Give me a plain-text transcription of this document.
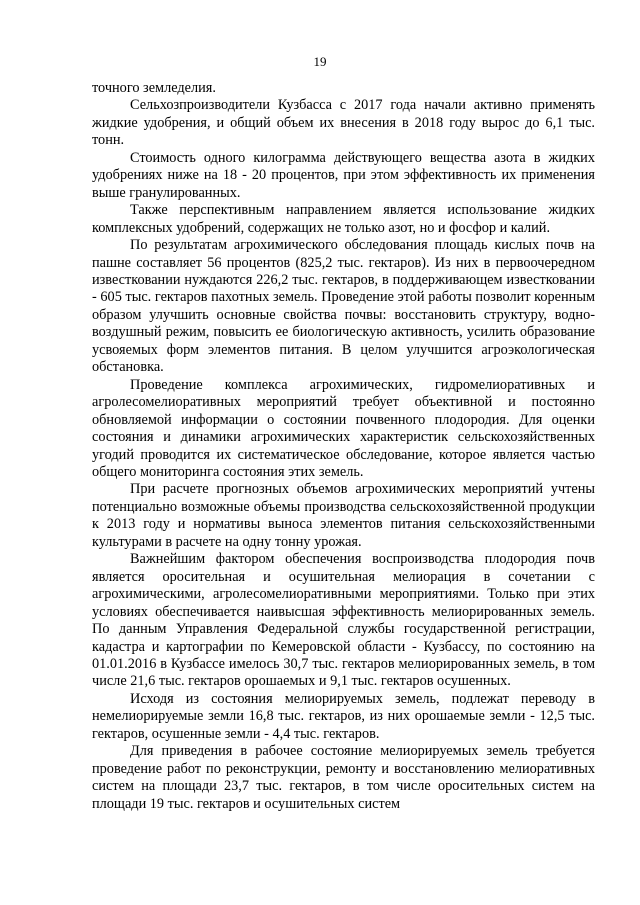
19

точного земледелия.

Сельхозпроизводители Кузбасса с 2017 года начали активно применять жидкие удобрения, и общий объем их внесения в 2018 году вырос до 6,1 тыс. тонн.

Стоимость одного килограмма действующего вещества азота в жидких удобрениях ниже на 18 - 20 процентов, при этом эффективность их применения выше гранулированных.

Также перспективным направлением является использование жидких комплексных удобрений, содержащих не только азот, но и фосфор и калий.

По результатам агрохимического обследования площадь кислых почв на пашне составляет 56 процентов (825,2 тыс. гектаров). Из них в первоочередном известковании нуждаются 226,2 тыс. гектаров, в поддерживающем известковании - 605 тыс. гектаров пахотных земель. Проведение этой работы позволит коренным образом улучшить основные свойства почвы: восстановить структуру, водно-воздушный режим, повысить ее биологическую активность, усилить образование усвояемых форм элементов питания. В целом улучшится агроэкологическая обстановка.

Проведение комплекса агрохимических, гидромелиоративных и агролесомелиоративных мероприятий требует объективной и постоянно обновляемой информации о состоянии почвенного плодородия. Для оценки состояния и динамики агрохимических характеристик сельскохозяйственных угодий проводится их систематическое обследование, которое является частью общего мониторинга состояния этих земель.

При расчете прогнозных объемов агрохимических мероприятий учтены потенциально возможные объемы производства сельскохозяйственной продукции к 2013 году и нормативы выноса элементов питания сельскохозяйственными культурами в расчете на одну тонну урожая.

Важнейшим фактором обеспечения воспроизводства плодородия почв является оросительная и осушительная мелиорация в сочетании с агрохимическими, агролесомелиоративными мероприятиями. Только при этих условиях обеспечивается наивысшая эффективность мелиорированных земель. По данным Управления Федеральной службы государственной регистрации, кадастра и картографии по Кемеровской области - Кузбассу, по состоянию на 01.01.2016 в Кузбассе имелось 30,7 тыс. гектаров мелиорированных земель, в том числе 21,6 тыс. гектаров орошаемых и 9,1 тыс. гектаров осушенных.

Исходя из состояния мелиорируемых земель, подлежат переводу в немелиорируемые земли 16,8 тыс. гектаров, из них орошаемые земли - 12,5 тыс. гектаров, осушенные земли - 4,4 тыс. гектаров.

Для приведения в рабочее состояние мелиорируемых земель требуется проведение работ по реконструкции, ремонту и восстановлению мелиоративных систем на площади 23,7 тыс. гектаров, в том числе оросительных систем на площади 19 тыс. гектаров и осушительных систем
